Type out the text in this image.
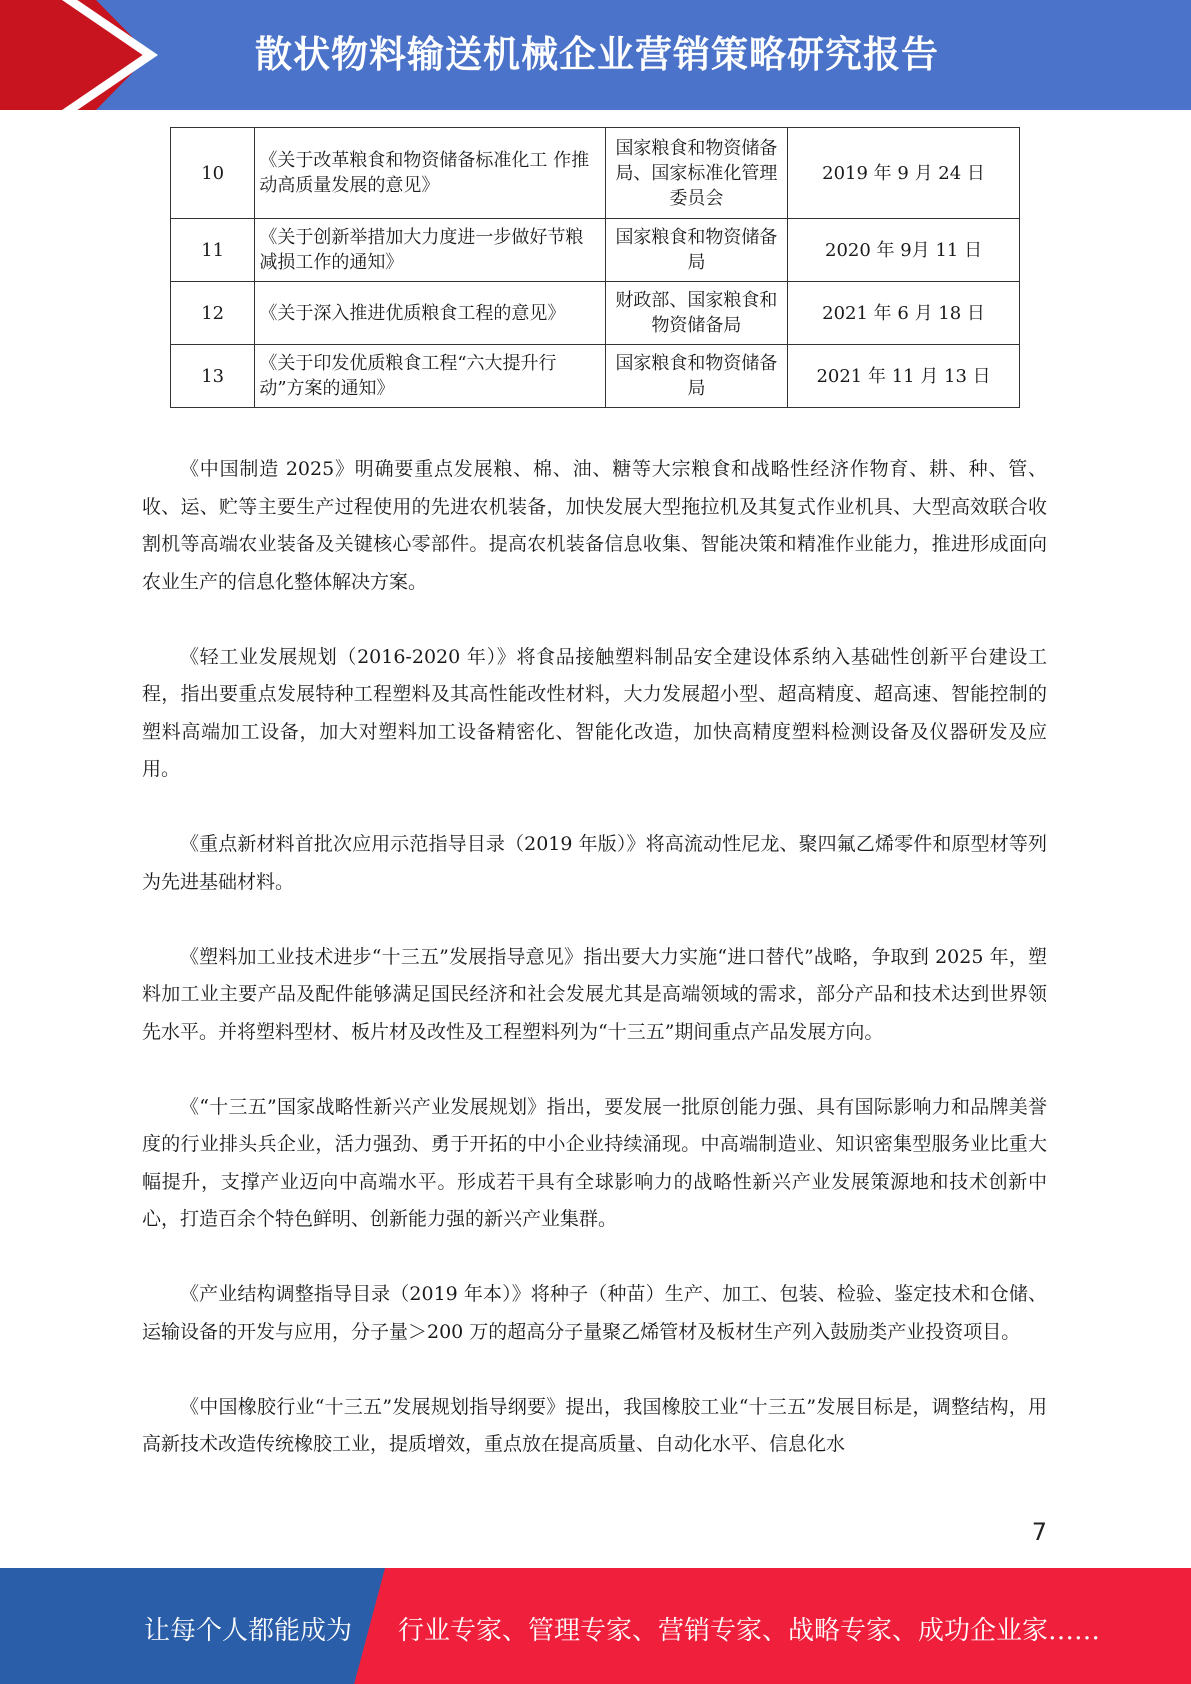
散状物料输送机械企业营销策略研究报告
10	《关于改革粮食和物资储备标准化工 作推动高质量发展的意见》	国家粮食和物资储备局、国家标准化管理委员会	2019 年 9 月 24 日
11	《关于创新举措加大力度进一步做好节粮减损工作的通知》	国家粮食和物资储备局	2020 年 9月 11 日
12	《关于深入推进优质粮食工程的意见》	财政部、国家粮食和物资储备局	2021 年 6 月 18 日
13	《关于印发优质粮食工程“六大提升行动”方案的通知》	国家粮食和物资储备局	2021 年 11 月 13 日

《中国制造 2025》明确要重点发展粮、棉、油、糖等大宗粮食和战略性经济作物育、耕、种、管、收、运、贮等主要生产过程使用的先进农机装备，加快发展大型拖拉机及其复式作业机具、大型高效联合收割机等高端农业装备及关键核心零部件。提高农机装备信息收集、智能决策和精准作业能力，推进形成面向农业生产的信息化整体解决方案。

《轻工业发展规划（2016-2020 年）》将食品接触塑料制品安全建设体系纳入基础性创新平台建设工程，指出要重点发展特种工程塑料及其高性能改性材料，大力发展超小型、超高精度、超高速、智能控制的塑料高端加工设备，加大对塑料加工设备精密化、智能化改造，加快高精度塑料检测设备及仪器研发及应用。

《重点新材料首批次应用示范指导目录（2019 年版）》将高流动性尼龙、聚四氟乙烯零件和原型材等列为先进基础材料。

《塑料加工业技术进步“十三五”发展指导意见》指出要大力实施“进口替代”战略，争取到 2025 年，塑料加工业主要产品及配件能够满足国民经济和社会发展尤其是高端领域的需求，部分产品和技术达到世界领先水平。并将塑料型材、板片材及改性及工程塑料列为“十三五”期间重点产品发展方向。

《“十三五”国家战略性新兴产业发展规划》指出，要发展一批原创能力强、具有国际影响力和品牌美誉度的行业排头兵企业，活力强劲、勇于开拓的中小企业持续涌现。中高端制造业、知识密集型服务业比重大幅提升，支撑产业迈向中高端水平。形成若干具有全球影响力的战略性新兴产业发展策源地和技术创新中心，打造百余个特色鲜明、创新能力强的新兴产业集群。

《产业结构调整指导目录（2019 年本）》将种子（种苗）生产、加工、包装、检验、鉴定技术和仓储、运输设备的开发与应用，分子量＞200 万的超高分子量聚乙烯管材及板材生产列入鼓励类产业投资项目。

《中国橡胶行业“十三五”发展规划指导纲要》提出，我国橡胶工业“十三五”发展目标是，调整结构，用高新技术改造传统橡胶工业，提质增效，重点放在提高质量、自动化水平、信息化水

7
让每个人都能成为 行业专家、管理专家、营销专家、战略专家、成功企业家……
